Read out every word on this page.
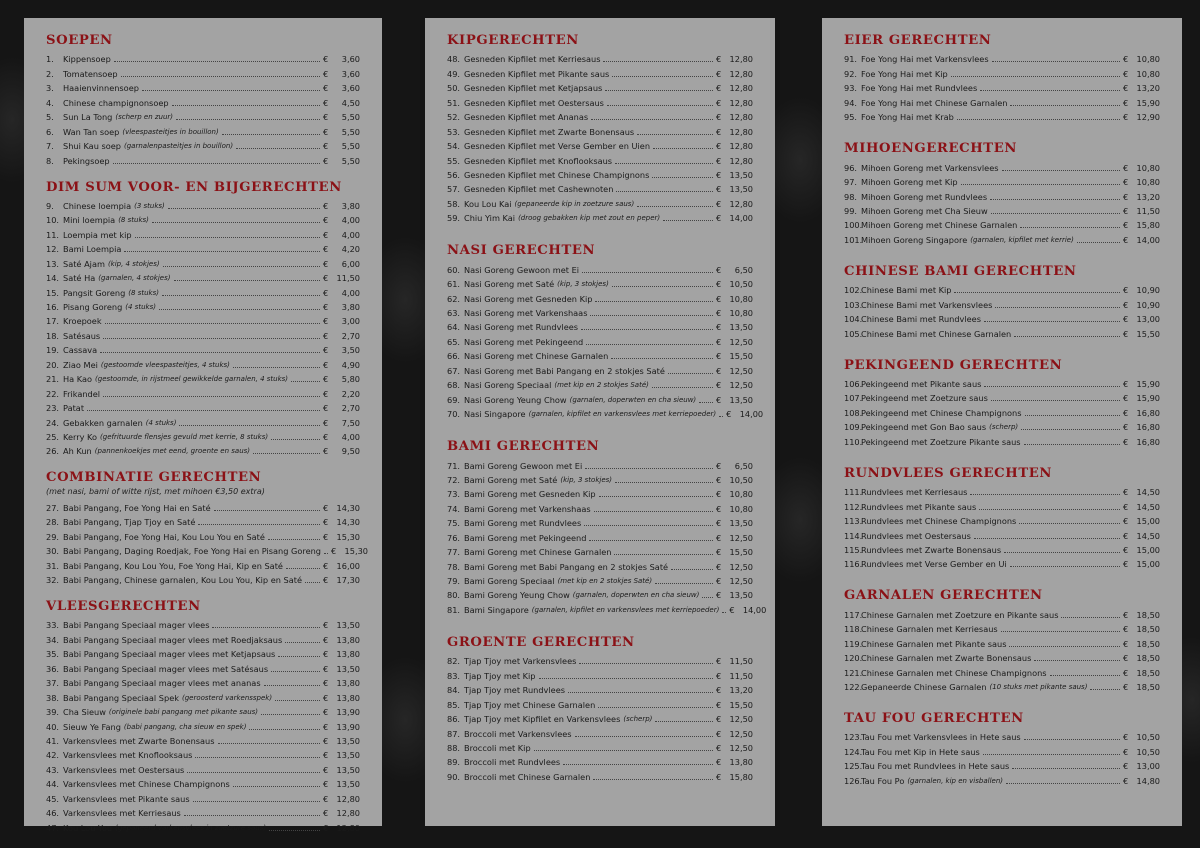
SOEPEN
1.	Kippensoep	€	3,60
2.	Tomatensoep	€	3,60
3.	Haaienvinnensoep	€	3,60
4.	Chinese champignonsoep	€	4,50
5.	Sun La Tong (scherp en zuur)	€	5,50
6.	Wan Tan soep (vleespasteitjes in bouillon)	€	5,50
7.	Shui Kau soep (garnalenpasteitjes in bouillon)	€	5,50
8.	Pekingsoep	€	5,50
DIM SUM VOOR- EN BIJGERECHTEN
9.	Chinese loempia (3 stuks)	€	3,80
10. Mini loempia (8 stuks)	€	4,00
11. Loempia met kip	€	4,00
12. Bami Loempia	€	4,20
13. Saté Ajam (kip, 4 stokjes)	€	6,00
14. Saté Ha (garnalen, 4 stokjes)	€	11,50
15. Pangsit Goreng (8 stuks)	€	4,00
16. Pisang Goreng (4 stuks)	€	3,80
17. Kroepoek	€	3,00
18. Satésaus	€	2,70
19. Cassava	€	3,50
20. Ziao Mei (gestoomde vleespasteitjes, 4 stuks)	€	4,90
21. Ha Kao (gestoomde, in rijstmeel gewikkelde garnalen, 4 stuks)	€	5,80
22. Frikandel	€	2,20
23. Patat	€	2,70
24. Gebakken garnalen (4 stuks)	€	7,50
25. Kerry Ko (gefrituurde flensjes gevuld met kerrie, 8 stuks)	€	4,00
26. Ah Kun (pannenkoekjes met eend, groente en saus)	€	9,50
COMBINATIE GERECHTEN
(met nasi, bami of witte rijst, met mihoen €3,50 extra)
27. Babi Pangang, Foe Yong Hai en Saté	€	14,30
28. Babi Pangang, Tjap Tjoy en Saté	€	14,30
29. Babi Pangang, Foe Yong Hai, Kou Lou You en Saté	€	15,30
30. Babi Pangang, Daging Roedjak, Foe Yong Hai en Pisang Goreng €	15,30
31. Babi Pangang, Kou Lou You, Foe Yong Hai, Kip en Saté	€	16,00
32. Babi Pangang, Chinese garnalen, Kou Lou You, Kip en Saté	€	17,30
VLEESGERECHTEN
33. Babi Pangang Speciaal mager vlees	€	13,50
34. Babi Pangang Speciaal mager vlees met Roedjaksaus	€	13,80
35. Babi Pangang Speciaal mager vlees met Ketjapsaus	€	13,80
36. Babi Pangang Speciaal mager vlees met Satésaus	€	13,50
37. Babi Pangang Speciaal mager vlees met ananas	€	13,80
38. Babi Pangang Speciaal Spek (geroosterd varkensspek)	€	13,80
39. Cha Sieuw (originele babi pangang met pikante saus)	€	13,90
40. Sieuw Ye Fang (babi pangang, cha sieuw en spek)	€	13,90
41. Varkensvlees met Zwarte Bonensaus	€	13,50
42. Varkensvlees met Knoflooksaus	€	13,50
43. Varkensvlees met Oestersaus	€	13,50
44. Varkensvlees met Chinese Champignons	€	13,50
45. Varkensvlees met Pikante saus	€	12,80
46. Varkensvlees met Kerriesaus	€	12,80
47. Kou Lou You (gepaneerd varkensvlees in zoetzure saus)	€	12,80
KIPGERECHTEN
48. Gesneden Kipfilet met Kerriesaus	€	12,80
49. Gesneden Kipfilet met Pikante saus	€	12,80
50. Gesneden Kipfilet met Ketjapsaus	€	12,80
51. Gesneden Kipfilet met Oestersaus	€	12,80
52. Gesneden Kipfilet met Ananas	€	12,80
53. Gesneden Kipfilet met Zwarte Bonensaus	€	12,80
54. Gesneden Kipfilet met Verse Gember en Uien	€	12,80
55. Gesneden Kipfilet met Knoflooksaus	€	12,80
56. Gesneden Kipfilet met Chinese Champignons	€	13,50
57. Gesneden Kipfilet met Cashewnoten	€	13,50
58. Kou Lou Kai (gepaneerde kip in zoetzure saus)	€	12,80
59. Chiu Yim Kai (droog gebakken kip met zout en peper)	€	14,00
NASI GERECHTEN
60. Nasi Goreng Gewoon met Ei	€	6,50
61. Nasi Goreng met Saté (kip, 3 stokjes)	€	10,50
62. Nasi Goreng met Gesneden Kip	€	10,80
63. Nasi Goreng met Varkenshaas	€	10,80
64. Nasi Goreng met Rundvlees	€	13,50
65. Nasi Goreng met Pekingeend	€	12,50
66. Nasi Goreng met Chinese Garnalen	€	15,50
67. Nasi Goreng met Babi Pangang en 2 stokjes Saté	€	12,50
68. Nasi Goreng Speciaal (met kip en 2 stokjes Saté)	€	12,50
69. Nasi Goreng Yeung Chow (garnalen, doperwten en cha sieuw) €	13,50
70. Nasi Singapore (garnalen, kipfilet en varkensvlees met kerriepoeder) €	14,00
BAMI GERECHTEN
71. Bami Goreng Gewoon met Ei	€	6,50
72. Bami Goreng met Saté (kip, 3 stokjes)	€	10,50
73. Bami Goreng met Gesneden Kip	€	10,80
74. Bami Goreng met Varkenshaas	€	10,80
75. Bami Goreng met Rundvlees	€	13,50
76. Bami Goreng met Pekingeend	€	12,50
77. Bami Goreng met Chinese Garnalen	€	15,50
78. Bami Goreng met Babi Pangang en 2 stokjes Saté	€	12,50
79. Bami Goreng Speciaal (met kip en 2 stokjes Saté)	€	12,50
80. Bami Goreng Yeung Chow (garnalen, doperwten en cha sieuw) €	13,50
81. Bami Singapore (garnalen, kipfilet en varkensvlees met kerriepoeder) €	14,00
GROENTE GERECHTEN
82. Tjap Tjoy met Varkensvlees	€	11,50
83. Tjap Tjoy met Kip	€	11,50
84. Tjap Tjoy met Rundvlees	€	13,20
85. Tjap Tjoy met Chinese Garnalen	€	15,50
86. Tjap Tjoy met Kipfilet en Varkensvlees (scherp)	€	12,50
87. Broccoli met Varkensvlees	€	12,50
88. Broccoli met Kip	€	12,50
89. Broccoli met Rundvlees	€	13,80
90. Broccoli met Chinese Garnalen	€	15,80
EIER GERECHTEN
91. Foe Yong Hai met Varkensvlees	€	10,80
92. Foe Yong Hai met Kip	€	10,80
93. Foe Yong Hai met Rundvlees	€	13,20
94. Foe Yong Hai met Chinese Garnalen	€	15,90
95. Foe Yong Hai met Krab	€	12,90
MIHOENGERECHTEN
96. Mihoen Goreng met Varkensvlees	€	10,80
97. Mihoen Goreng met Kip	€	10,80
98. Mihoen Goreng met Rundvlees	€	13,20
99. Mihoen Goreng met Cha Sieuw	€	11,50
100.
Mihoen Goreng met Chinese Garnalen	€	15,80
101.
Mihoen Goreng Singapore (garnalen, kipfilet met kerrie)	€	14,00
CHINESE BAMI GERECHTEN
102.
Chinese Bami met Kip	€	10,90
103.
Chinese Bami met Varkensvlees	€	10,90
104.
Chinese Bami met Rundvlees	€	13,00
105.
Chinese Bami met Chinese Garnalen	€	15,50
PEKINGEEND GERECHTEN
106.
Pekingeend met Pikante saus	€	15,90
107.
Pekingeend met Zoetzure saus	€	15,90
108.
Pekingeend met Chinese Champignons	€	16,80
109.
Pekingeend met Gon Bao saus (scherp)	€	16,80
110.
Pekingeend met Zoetzure Pikante saus	€	16,80
RUNDVLEES GERECHTEN
111.
Rundvlees met Kerriesaus	€	14,50
112.
Rundvlees met Pikante saus	€	14,50
113.
Rundvlees met Chinese Champignons	€	15,00
114.
Rundvlees met Oestersaus	€	14,50
115.
Rundvlees met Zwarte Bonensaus	€	15,00
116.
Rundvlees met Verse Gember en Ui	€	15,00
GARNALEN GERECHTEN
117.
Chinese Garnalen met Zoetzure en Pikante saus	€	18,50
118.
Chinese Garnalen met Kerriesaus	€	18,50
119.
Chinese Garnalen met Pikante saus	€	18,50
120.
Chinese Garnalen met Zwarte Bonensaus	€	18,50
121.
Chinese Garnalen met Chinese Champignons	€	18,50
122.
Gepaneerde Chinese Garnalen (10 stuks met pikante saus)	€	18,50
TAU FOU GERECHTEN
123.
Tau Fou met Varkensvlees in Hete saus	€	10,50
124.
Tau Fou met Kip in Hete saus	€	10,50
125.
Tau Fou met Rundvlees in Hete saus	€	13,00
126.
Tau Fou Po (garnalen, kip en visballen)	€	14,80
